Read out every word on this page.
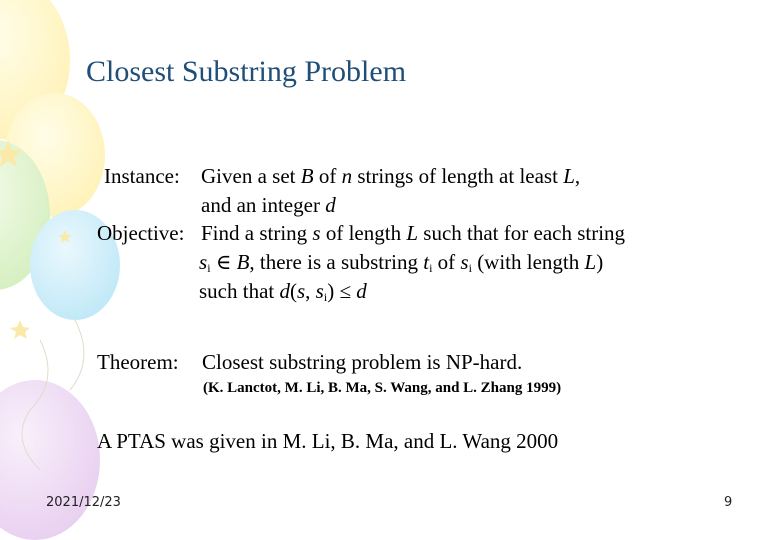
Closest Substring Problem
Instance: Given a set B of n strings of length at least L,
and an integer d
Objective: Find a string s of length L such that for each string
$s_i$ ∈ B, there is a substring $t_i$ of $s_i$ (with length L)
such that d(s, $s_i) \le d$
Theorem: Closest substring problem is NP-hard.
(K. Lanctot, M. Li, B. Ma, S. Wang, and L. Zhang 1999)
A PTAS was given in M. Li, B. Ma, and L. Wang 2000
2021/12/23	9
